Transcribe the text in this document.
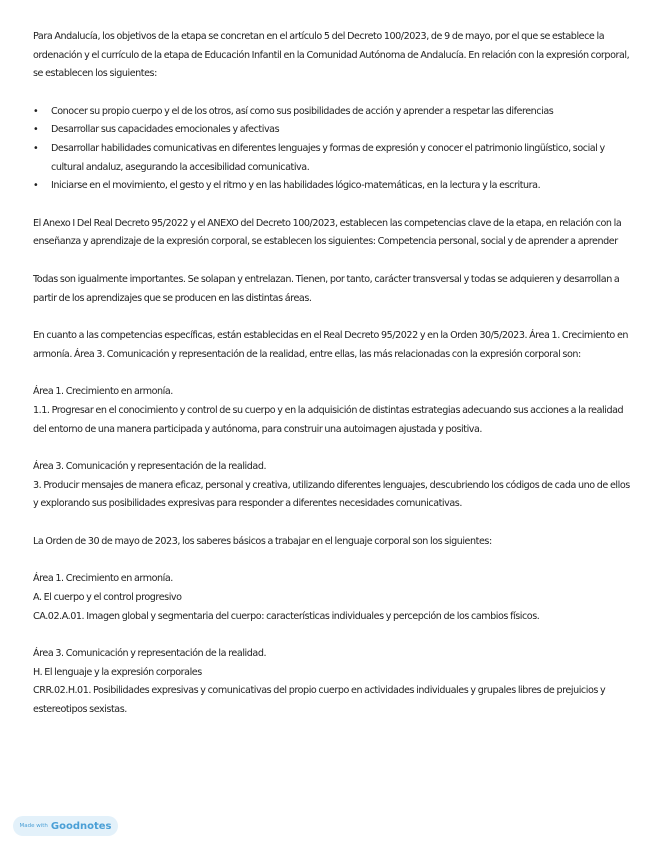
Para Andalucía, los objetivos de la etapa se concretan en el artículo 5 del Decreto 100/2023, de 9 de mayo, por el que se establece la ordenación y el currículo de la etapa de Educación Infantil en la Comunidad Autónoma de Andalucía. En relación con la expresión corporal, se establecen los siguientes:

• Conocer su propio cuerpo y el de los otros, así como sus posibilidades de acción y aprender a respetar las diferencias
• Desarrollar sus capacidades emocionales y afectivas
• Desarrollar habilidades comunicativas en diferentes lenguajes y formas de expresión y conocer el patrimonio lingüístico, social y cultural andaluz, asegurando la accesibilidad comunicativa.
• Iniciarse en el movimiento, el gesto y el ritmo y en las habilidades lógico-matemáticas, en la lectura y la escritura.

El Anexo I Del Real Decreto 95/2022 y el ANEXO del Decreto 100/2023, establecen las competencias clave de la etapa, en relación con la enseñanza y aprendizaje de la expresión corporal, se establecen los siguientes: Competencia personal, social y de aprender a aprender

Todas son igualmente importantes. Se solapan y entrelazan. Tienen, por tanto, carácter transversal y todas se adquieren y desarrollan a partir de los aprendizajes que se producen en las distintas áreas.

En cuanto a las competencias específicas, están establecidas en el Real Decreto 95/2022 y en la Orden 30/5/2023. Área 1. Crecimiento en armonía. Área 3. Comunicación y representación de la realidad, entre ellas, las más relacionadas con la expresión corporal son:

Área 1. Crecimiento en armonía.
1.1. Progresar en el conocimiento y control de su cuerpo y en la adquisición de distintas estrategias adecuando sus acciones a la realidad del entorno de una manera participada y autónoma, para construir una autoimagen ajustada y positiva.
Área 3. Comunicación y representación de la realidad.
3. Producir mensajes de manera eficaz, personal y creativa, utilizando diferentes lenguajes, descubriendo los códigos de cada uno de ellos y explorando sus posibilidades expresivas para responder a diferentes necesidades comunicativas.

La Orden de 30 de mayo de 2023, los saberes básicos a trabajar en el lenguaje corporal son los siguientes:

Área 1. Crecimiento en armonía.
A. El cuerpo y el control progresivo
CA.02.A.01. Imagen global y segmentaria del cuerpo: características individuales y percepción de los cambios físicos.
Área 3. Comunicación y representación de la realidad.
H. El lenguaje y la expresión corporales
CRR.02.H.01. Posibilidades expresivas y comunicativas del propio cuerpo en actividades individuales y grupales libres de prejuicios y estereotipos sexistas.
Made with Goodnotes
